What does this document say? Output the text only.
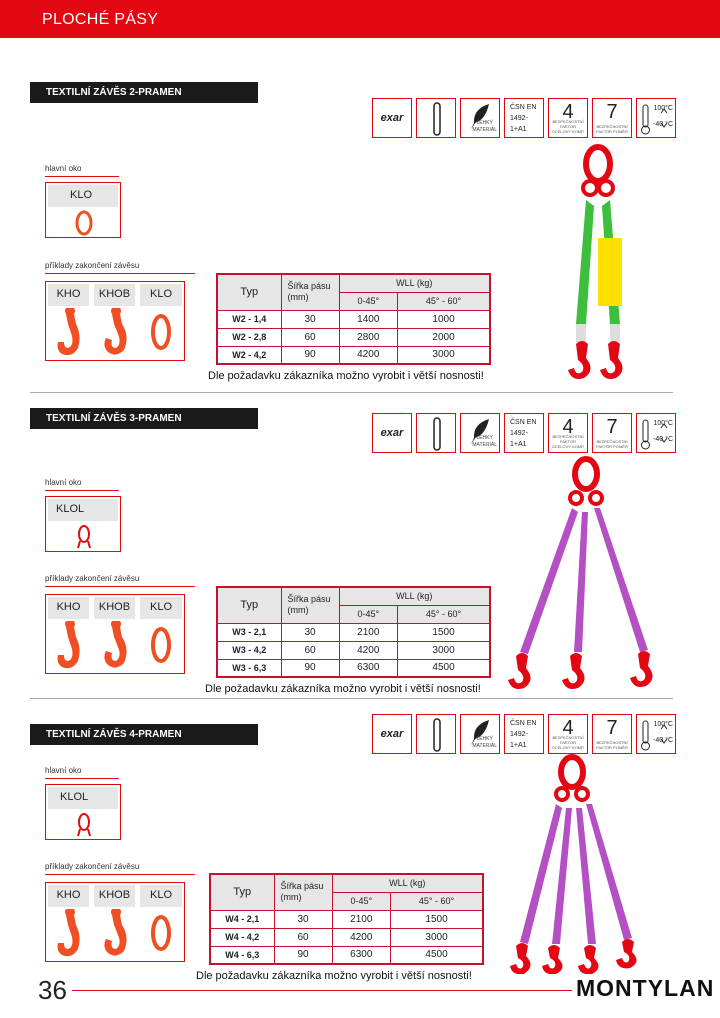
PLOCHÉ PÁSY
TEXTILNÍ ZÁVĚS 2-PRAMEN
exar	LEHKÝ
MATERIÁL
ČSN EN 1492-1+A1
4
BEZPEČNOSTNÍ FAKTOR OCELOVÝ KOMP.
7
BEZPEČNOSTNÍ FAKTOR POMĚR
100°C
-40 °C
hlavní oko
KLO
příklady zakončení závěsu
KHO	KHOB	KLO	Typ	Šířka pásu (mm)	WLL (kg)	
		0-45°	45° - 60°
W2 - 1,4	30	1400	1000
W2 - 2,8	60	2800	2000
W2 - 4,2	90	4200	3000
Dle požadavku zákazníka možno vyrobit i větší nosnosti!
TEXTILNÍ ZÁVĚS 3-PRAMEN
exar	LEHKÝ
MATERIÁL
ČSN EN 1492-1+A1
4
BEZPEČNOSTNÍ FAKTOR OCELOVÝ KOMP.
7
BEZPEČNOSTNÍ FAKTOR POMĚR
100°C
-40 °C
hlavní oko
KLOL
příklady zakončení závěsu
KHO	KHOB	KLO	Typ	Šířka pásu (mm)	WLL (kg)	
		0-45°	45° - 60°
W3 - 2,1	30	2100	1500
W3 - 4,2	60	4200	3000
W3 - 6,3	90	6300	4500
Dle požadavku zákazníka možno vyrobit i větší nosnosti!
TEXTILNÍ ZÁVĚS 4-PRAMEN	exar	LEHKÝ
MATERIÁL
ČSN EN 1492-1+A1
4
BEZPEČNOSTNÍ FAKTOR OCELOVÝ KOMP.
7
BEZPEČNOSTNÍ FAKTOR POMĚR
100°C
-40 °C
hlavní oko
KLOL
příklady zakončení závěsu
KHO	KHOB	KLO	Typ	Šířka pásu (mm)	WLL (kg)	
		0-45°	45° - 60°
W4 - 2,1	30	2100	1500
W4 - 4,2	60	4200	3000
W4 - 6,3	90	6300	4500
Dle požadavku zákazníka možno vyrobit i větší nosnosti!
36	MONTYLAN
